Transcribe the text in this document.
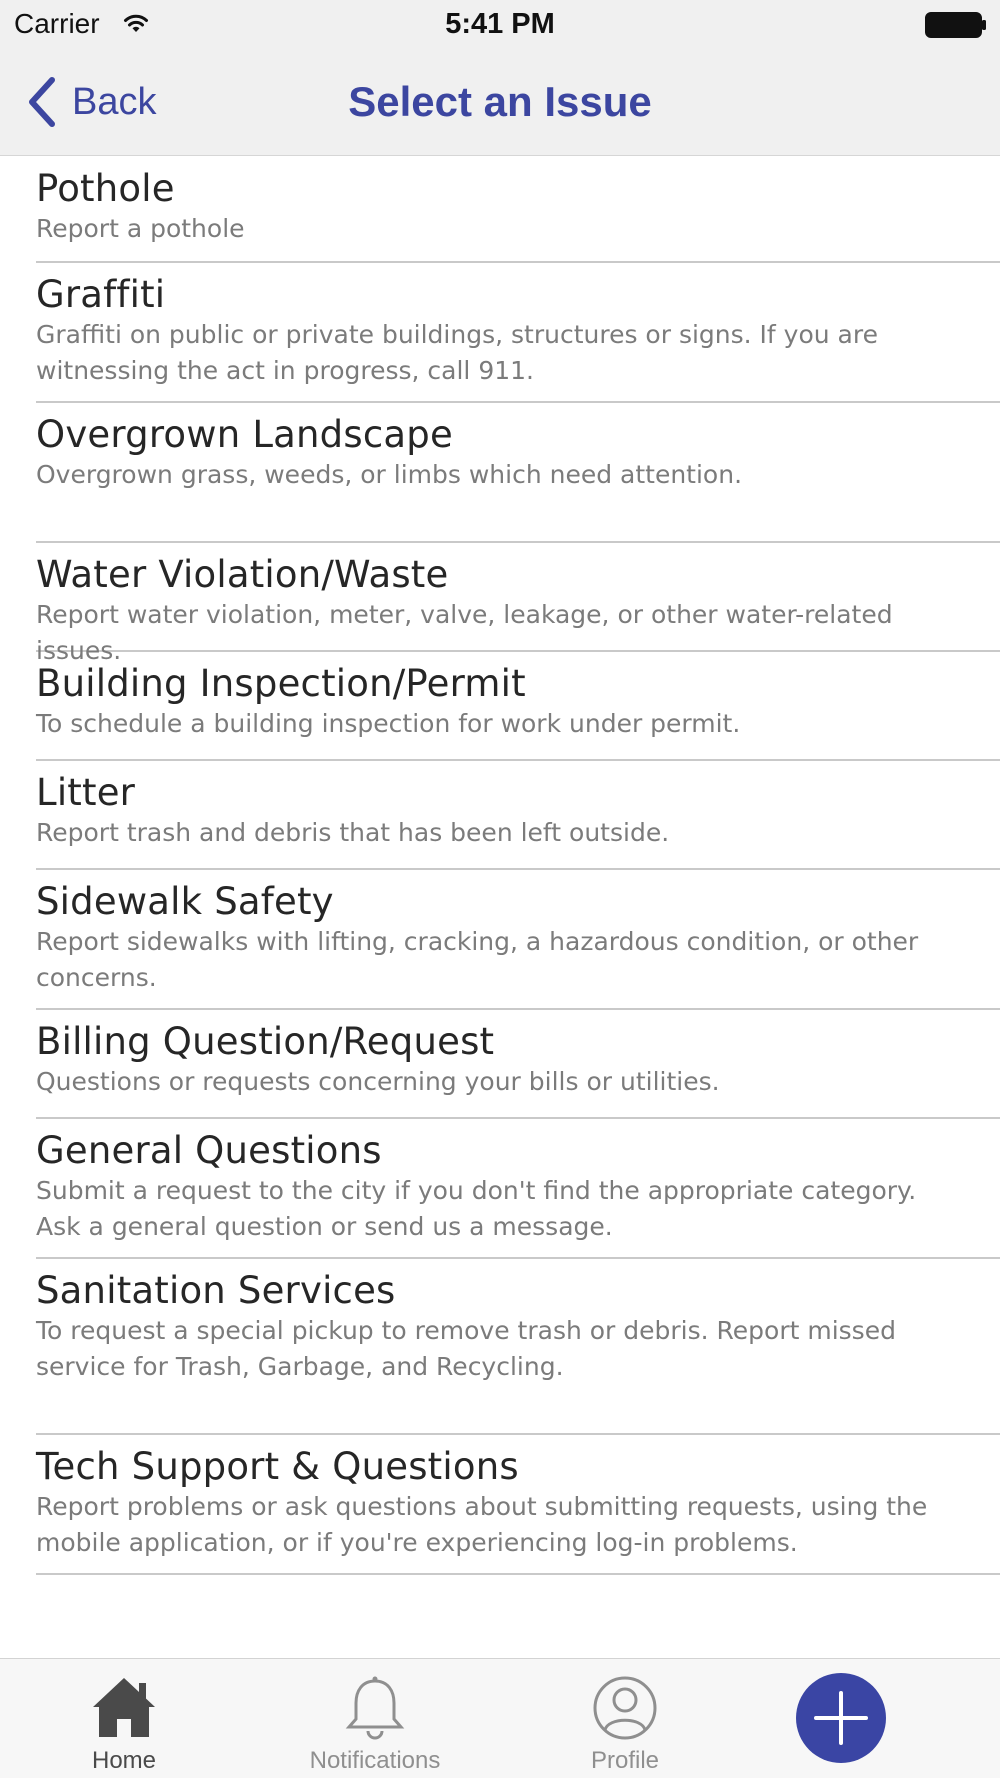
Carrier	5:41 PM
Back	Select an Issue
Pothole
Report a pothole
Graffiti
Graffiti on public or private buildings, structures or signs. If you are witnessing the act in progress, call 911.
Overgrown Landscape
Overgrown grass, weeds, or limbs which need attention.
Water Violation/Waste
Report water violation, meter, valve, leakage, or other water-related issues.
Building Inspection/Permit
To schedule a building inspection for work under permit.
Litter
Report trash and debris that has been left outside.
Sidewalk Safety
Report sidewalks with lifting, cracking, a hazardous condition, or other concerns.
Billing Question/Request
Questions or requests concerning your bills or utilities.
General Questions
Submit a request to the city if you don't find the appropriate category. Ask a general question or send us a message.
Sanitation Services
To request a special pickup to remove trash or debris. Report missed service for Trash, Garbage, and Recycling.
Tech Support & Questions
Report problems or ask questions about submitting requests, using the mobile application, or if you're experiencing log-in problems.
Home	Notifications	Profile
